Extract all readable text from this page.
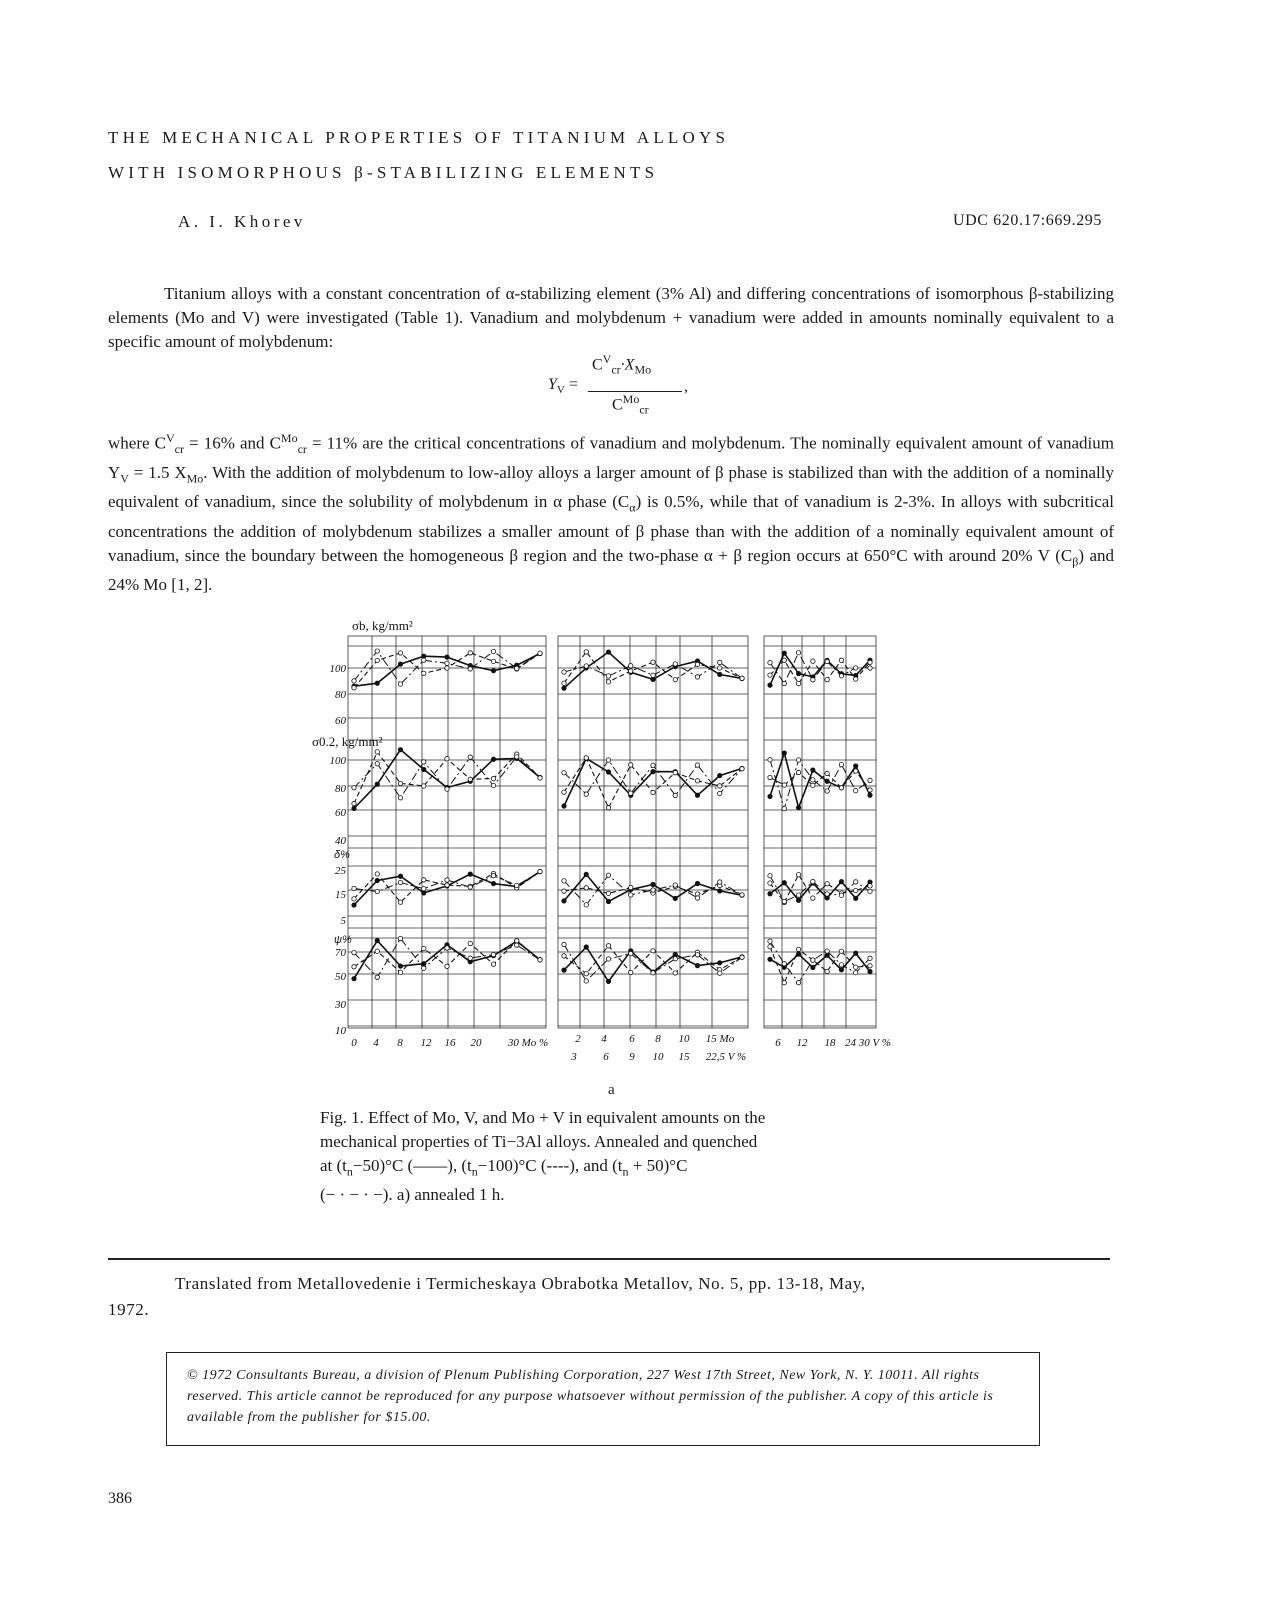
THE MECHANICAL PROPERTIES OF TITANIUM ALLOYS
WITH ISOMORPHOUS β-STABILIZING ELEMENTS
A. I. Khorev	UDC 620.17:669.295

Titanium alloys with a constant concentration of α-stabilizing element (3% Al) and differing concentrations of isomorphous β-stabilizing elements (Mo and V) were investigated (Table 1). Vanadium and molybdenum + vanadium were added in amounts nominally equivalent to a specific amount of molybdenum:

$Y_V$ =
$C^V_{cr}\cdot X_{Mo}$
$C^{Mo}_{cr}$
,

where $C^V_{cr} = 16\%$ and $C^{Mo}_{cr} = 11\%$ are the critical concentrations of vanadium and molybdenum. The nominally equivalent amount of vanadium $Y_V = 1.5$ $X_{Mo}$. With the addition of molybdenum to low-alloy alloys a larger amount of β phase is stabilized than with the addition of a nominally equivalent of vanadium, since the solubility of molybdenum in α phase $(C_\alpha)$ is 0.5%, while that of vanadium is 2-3%. In alloys with subcritical concentrations the addition of molybdenum stabilizes a smaller amount of β phase than with the addition of a nominally equivalent amount of vanadium, since the boundary between the homogeneous β region and the two-phase α + β region occurs at 650°C with around 20% V $(C_\beta)$ and 24% Mo [1, 2].

σb, kg/mm²
σ0.2, kg/mm²
δ%
ψ%
100
80
60
100
80
60
40
25
15
5
70
50
30
10
0 4 8 12 16 20 30 Mo % 2 4 6 8 10 15 Mo
3 6 9 10 15 22,5 V %
6 12 18 24 30 V %
a

Fig. 1. Effect of Mo, V, and Mo + V in equivalent amounts on the
mechanical properties of Ti−3Al alloys. Annealed and quenched
at $(t_n-50)^\circ C$ (——), $(t_n-100)^\circ C$ (----), and $(t_n + 50)^\circ C$
(− · − · −). a) annealed 1 h.

Translated from Metallovedenie i Termicheskaya Obrabotka Metallov, No. 5, pp. 13-18, May,
1972.

© 1972 Consultants Bureau, a division of Plenum Publishing Corporation, 227 West 17th Street, New York, N. Y. 10011. All rights reserved. This article cannot be reproduced for any purpose whatsoever without permission of the publisher. A copy of this article is available from the publisher for $15.00.

386
